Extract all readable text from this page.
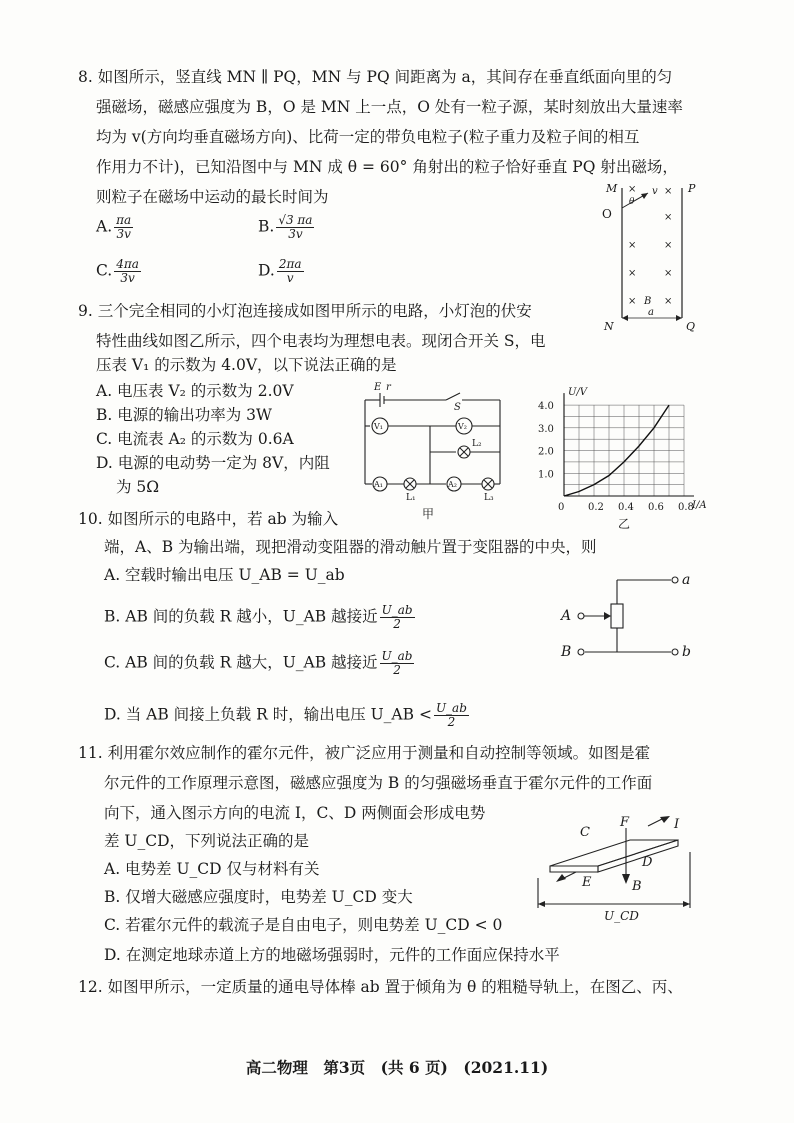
8. 如图所示，竖直线 MN ∥ PQ，MN 与 PQ 间距离为 a，其间存在垂直纸面向里的匀
强磁场，磁感应强度为 B，O 是 MN 上一点，O 处有一粒子源，某时刻放出大量速率
均为 v(方向均垂直磁场方向)、比荷一定的带负电粒子(粒子重力及粒子间的相互
作用力不计)，已知沿图中与 MN 成 θ = 60° 角射出的粒子恰好垂直 PQ 射出磁场，
则粒子在磁场中运动的最长时间为
A. $\frac{\pi a}{3v}$	B. $\frac{√3 \pi a}{3v}$
C. $\frac{4\pi a}{3v}$	D. $\frac{2\pi a}{v}$
M	P
O
N	Q
θ
v
×	×
×
×	×
×	×
× B ×
a
9. 三个完全相同的小灯泡连接成如图甲所示的电路，小灯泡的伏安
特性曲线如图乙所示，四个电表均为理想电表。现闭合开关 S，电
压表 V₁ 的示数为 4.0V，以下说法正确的是
A. 电压表 V₂ 的示数为 2.0V
B. 电源的输出功率为 3W
C. 电流表 A₂ 的示数为 0.6A
D. 电源的电动势一定为 8V，内阻
为 5Ω
E r
S
V₁	V₂
A₁	A₂
L₂
L₁	L₃
甲
U/V
I/A
4.0
3.0
2.0
1.0
0 0.2 0.4 0.6 0.8
乙
10. 如图所示的电路中，若 ab 为输入
端，A、B 为输出端，现把滑动变阻器的滑动触片置于变阻器的中央，则
A. 空载时输出电压 U_AB = U_ab
B. AB 间的负载 R 越小，U_AB 越接近 $\frac{U\_ab}{2}$
C. AB 间的负载 R 越大，U_AB 越接近 $\frac{U\_ab}{2}$
D. 当 AB 间接上负载 R 时，输出电压 U_AB < $\frac{U\_ab}{2}$
A
B
a
b
11. 利用霍尔效应制作的霍尔元件，被广泛应用于测量和自动控制等领域。如图是霍
尔元件的工作原理示意图，磁感应强度为 B 的匀强磁场垂直于霍尔元件的工作面
向下，通入图示方向的电流 I，C、D 两侧面会形成电势
差 U_CD，下列说法正确的是
A. 电势差 U_CD 仅与材料有关
B. 仅增大磁感应强度时，电势差 U_CD 变大
C. 若霍尔元件的载流子是自由电子，则电势差 U_CD < 0
D. 在测定地球赤道上方的地磁场强弱时，元件的工作面应保持水平
C
F	I
D
E	B
U_CD
12. 如图甲所示，一定质量的通电导体棒 ab 置于倾角为 θ 的粗糙导轨上，在图乙、丙、
高二物理　第3页　(共 6 页)　(2021.11)
